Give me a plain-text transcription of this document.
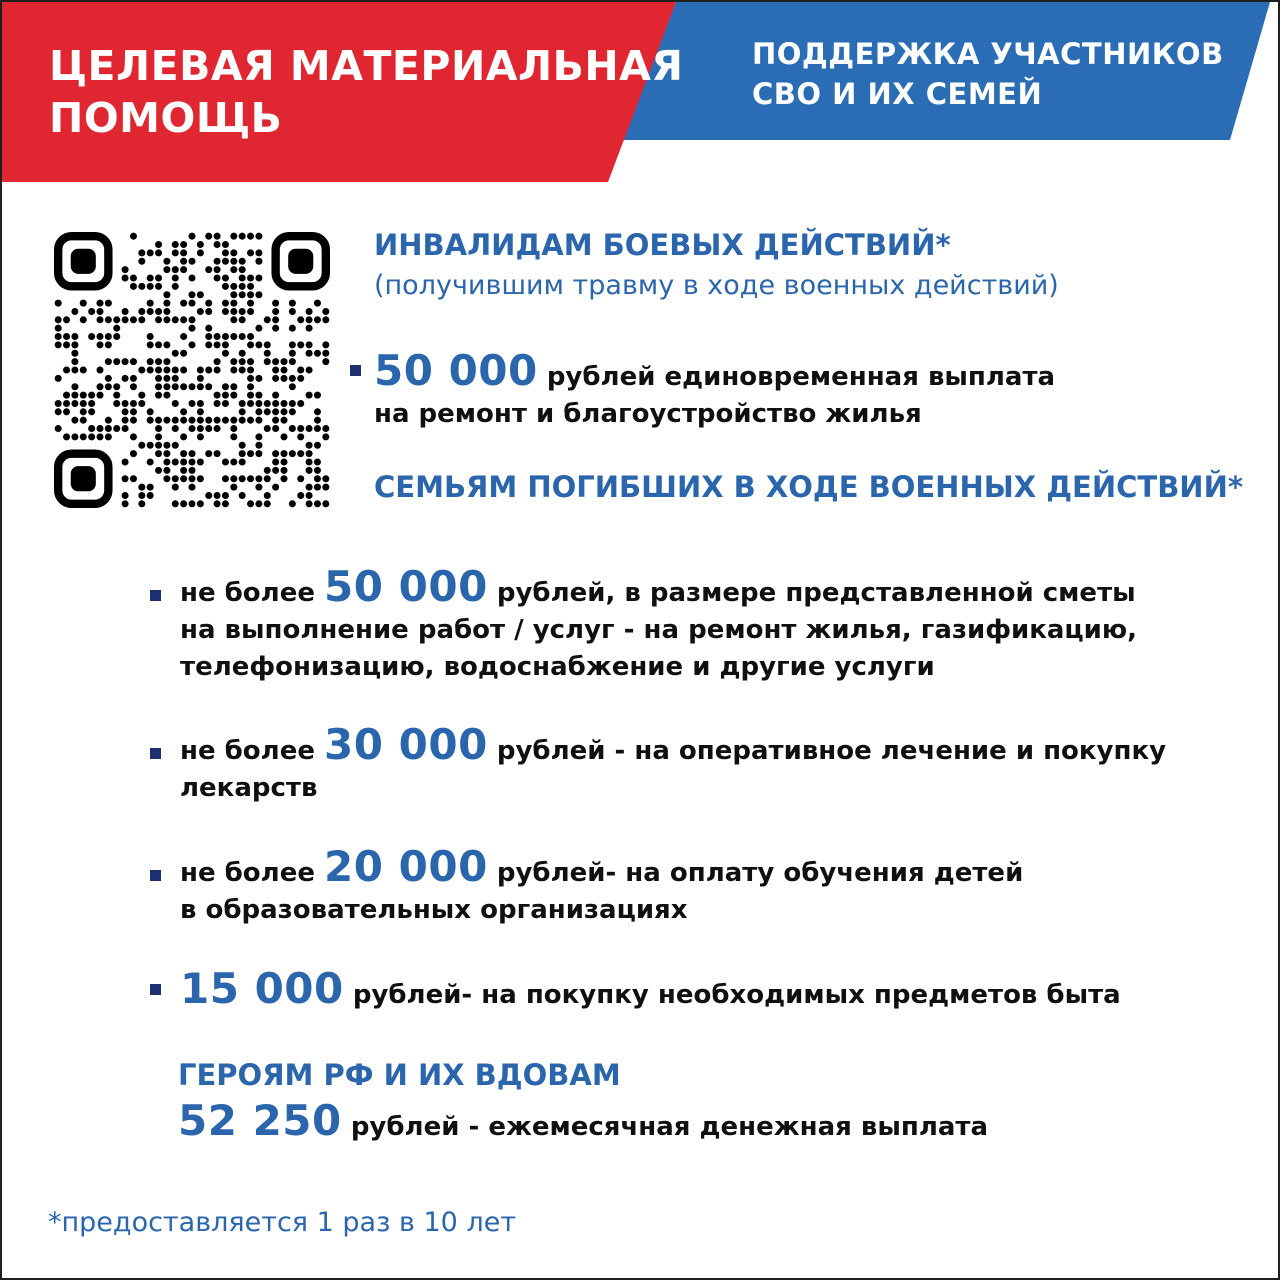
ЦЕЛЕВАЯ МАТЕРИАЛЬНАЯ
ПОМОЩЬ
ПОДДЕРЖКА УЧАСТНИКОВ
СВО И ИХ СЕМЕЙ
ИНВАЛИДАМ БОЕВЫХ ДЕЙСТВИЙ*
(получившим травму в ходе военных действий)
50 000 рублей единовременная выплата
на ремонт и благоустройство жилья
СЕМЬЯМ ПОГИБШИХ В ХОДЕ ВОЕННЫХ ДЕЙСТВИЙ*
не более 50 000 рублей, в размере представленной сметы
на выполнение работ / услуг - на ремонт жилья, газификацию,
телефонизацию, водоснабжение и другие услуги
не более 30 000 рублей - на оперативное лечение и покупку
лекарств
не более 20 000 рублей- на оплату обучения детей
в образовательных организациях
15 000 рублей- на покупку необходимых предметов быта
ГЕРОЯМ РФ И ИХ ВДОВАМ
52 250 рублей - ежемесячная денежная выплата
*предоставляется 1 раз в 10 лет
